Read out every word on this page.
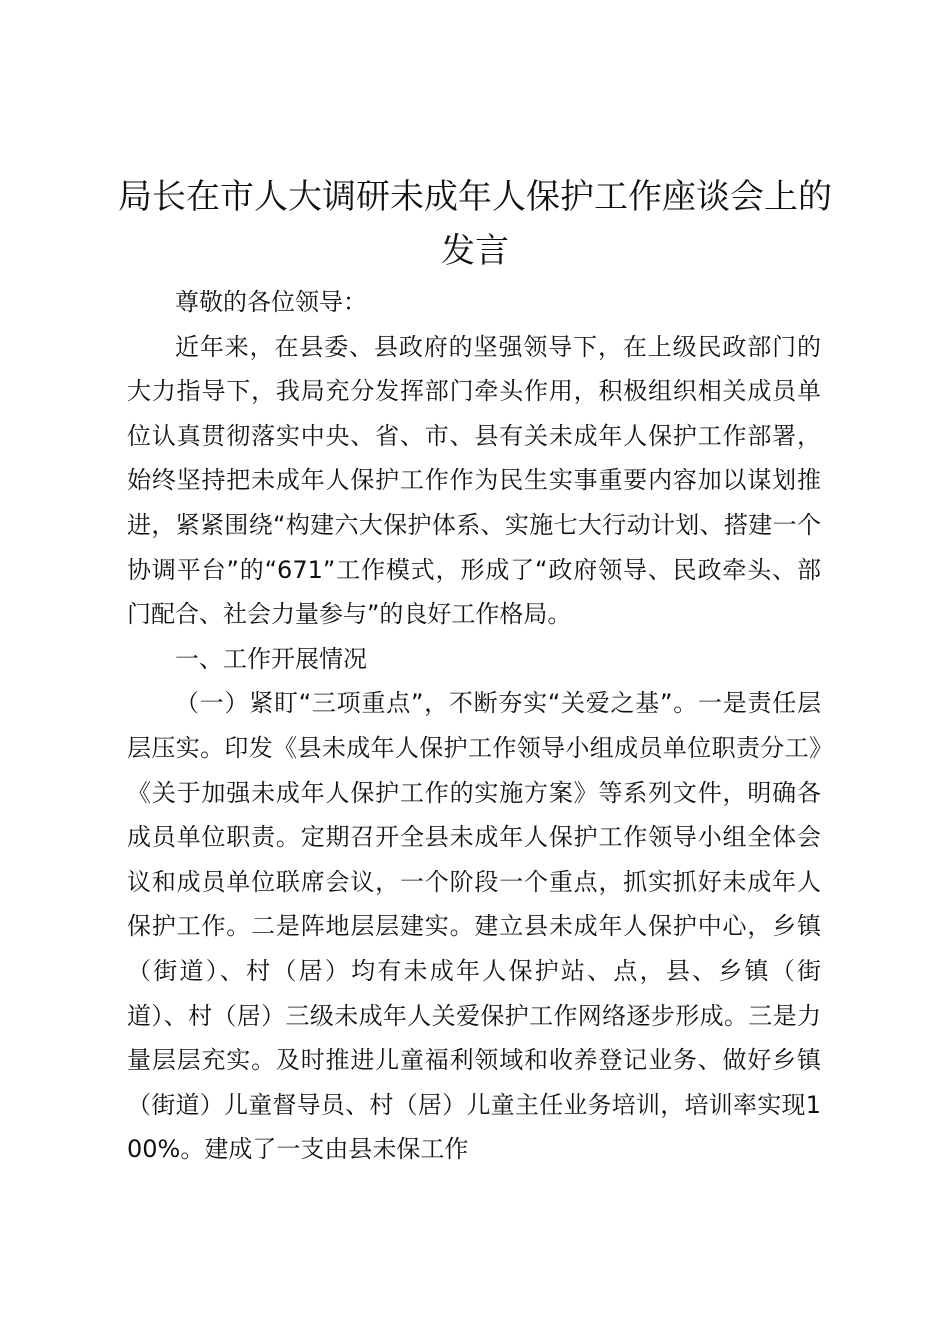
局长在市人大调研未成年人保护工作座谈会上的发言

尊敬的各位领导：

近年来，在县委、县政府的坚强领导下，在上级民政部门的大力指导下，我局充分发挥部门牵头作用，积极组织相关成员单位认真贯彻落实中央、省、市、县有关未成年人保护工作部署，始终坚持把未成年人保护工作作为民生实事重要内容加以谋划推进，紧紧围绕“构建六大保护体系、实施七大行动计划、搭建一个协调平台”的“671”工作模式，形成了“政府领导、民政牵头、部门配合、社会力量参与”的良好工作格局。

一、工作开展情况

（一）紧盯“三项重点”，不断夯实“关爱之基”。一是责任层层压实。印发《县未成年人保护工作领导小组成员单位职责分工》《关于加强未成年人保护工作的实施方案》等系列文件，明确各成员单位职责。定期召开全县未成年人保护工作领导小组全体会议和成员单位联席会议，一个阶段一个重点，抓实抓好未成年人保护工作。二是阵地层层建实。建立县未成年人保护中心，乡镇（街道）、村（居）均有未成年人保护站、点，县、乡镇（街道）、村（居）三级未成年人关爱保护工作网络逐步形成。三是力量层层充实。及时推进儿童福利领域和收养登记业务、做好乡镇（街道）儿童督导员、村（居）儿童主任业务培训，培训率实现100%。建成了一支由县未保工作
